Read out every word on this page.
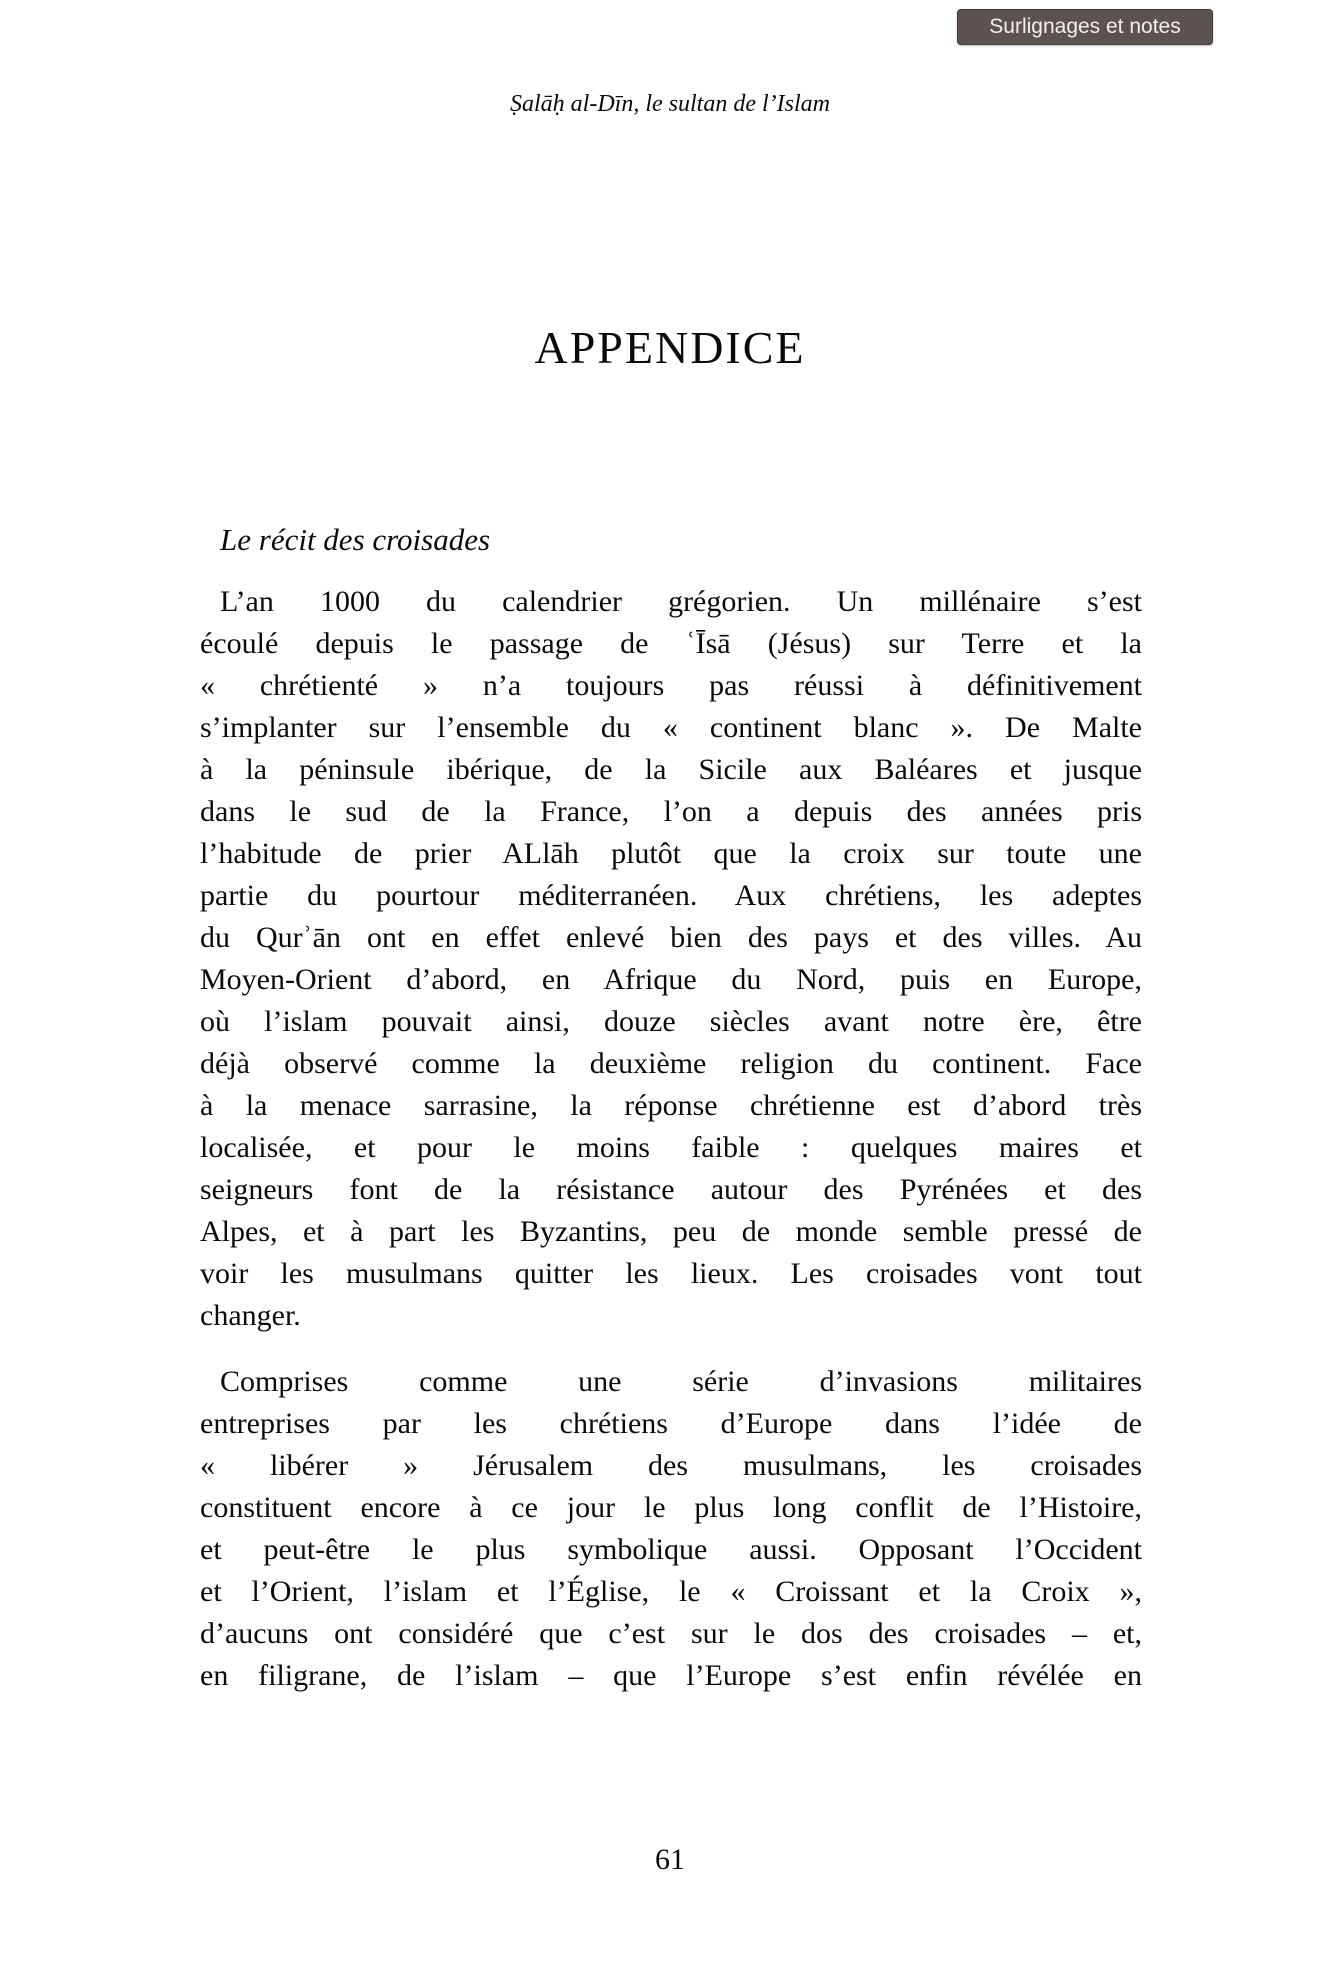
Surlignages et notes
Ṣalāḥ al-Dīn, le sultan de l’Islam
APPENDICE
Le récit des croisades
L’an 1000 du calendrier grégorien. Un millénaire s’est
écoulé depuis le passage de ʿĪsā (Jésus) sur Terre et la
« chrétienté » n’a toujours pas réussi à définitivement
s’implanter sur l’ensemble du « continent blanc ». De Malte
à la péninsule ibérique, de la Sicile aux Baléares et jusque
dans le sud de la France, l’on a depuis des années pris
l’habitude de prier ALlāh plutôt que la croix sur toute une
partie du pourtour méditerranéen. Aux chrétiens, les adeptes
du Qurʾān ont en effet enlevé bien des pays et des villes. Au
Moyen-Orient d’abord, en Afrique du Nord, puis en Europe,
où l’islam pouvait ainsi, douze siècles avant notre ère, être
déjà observé comme la deuxième religion du continent. Face
à la menace sarrasine, la réponse chrétienne est d’abord très
localisée, et pour le moins faible : quelques maires et
seigneurs font de la résistance autour des Pyrénées et des
Alpes, et à part les Byzantins, peu de monde semble pressé de
voir les musulmans quitter les lieux. Les croisades vont tout
changer.
Comprises comme une série d’invasions militaires
entreprises par les chrétiens d’Europe dans l’idée de
« libérer » Jérusalem des musulmans, les croisades
constituent encore à ce jour le plus long conflit de l’Histoire,
et peut-être le plus symbolique aussi. Opposant l’Occident
et l’Orient, l’islam et l’Église, le « Croissant et la Croix »,
d’aucuns ont considéré que c’est sur le dos des croisades – et,
en filigrane, de l’islam – que l’Europe s’est enfin révélée en
61
